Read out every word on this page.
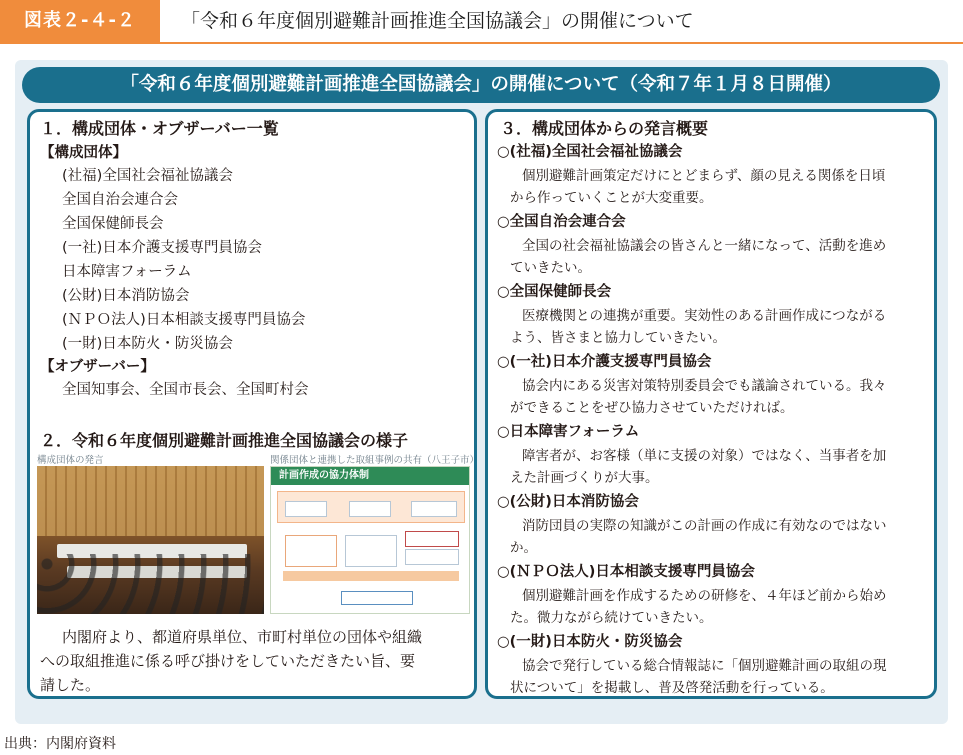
図表２-４-２	「令和６年度個別避難計画推進全国協議会」の開催について
「令和６年度個別避難計画推進全国協議会」の開催について（令和７年１月８日開催）
１．構成団体・オブザーバー一覧
【構成団体】
(社福)全国社会福祉協議会
全国自治会連合会
全国保健師長会
(一社)日本介護支援専門員協会
日本障害フォーラム
(公財)日本消防協会
(ＮＰＯ法人)日本相談支援専門員協会
(一財)日本防火・防災協会
【オブザーバー】
全国知事会、全国市長会、全国町村会
２．令和６年度個別避難計画推進全国協議会の様子
構成団体の発言	関係団体と連携した取組事例の共有（八王子市）
計画作成の協力体制
内閣府より、都道府県単位、市町村単位の団体や組織
への取組推進に係る呼び掛けをしていただきたい旨、要
請した。
３．構成団体からの発言概要
○(社福)全国社会福祉協議会
個別避難計画策定だけにとどまらず、顔の見える関係を日頃
から作っていくことが大変重要。
○全国自治会連合会
全国の社会福祉協議会の皆さんと一緒になって、活動を進め
ていきたい。
○全国保健師長会
医療機関との連携が重要。実効性のある計画作成につながる
よう、皆さまと協力していきたい。
○(一社)日本介護支援専門員協会
協会内にある災害対策特別委員会でも議論されている。我々
ができることをぜひ協力させていただければ。
○日本障害フォーラム
障害者が、お客様（単に支援の対象）ではなく、当事者を加
えた計画づくりが大事。
○(公財)日本消防協会
消防団員の実際の知識がこの計画の作成に有効なのではない
か。
○(ＮＰＯ法人)日本相談支援専門員協会
個別避難計画を作成するための研修を、４年ほど前から始め
た。微力ながら続けていきたい。
○(一財)日本防火・防災協会
協会で発行している総合情報誌に「個別避難計画の取組の現
状について」を掲載し、普及啓発活動を行っている。
出典：内閣府資料
